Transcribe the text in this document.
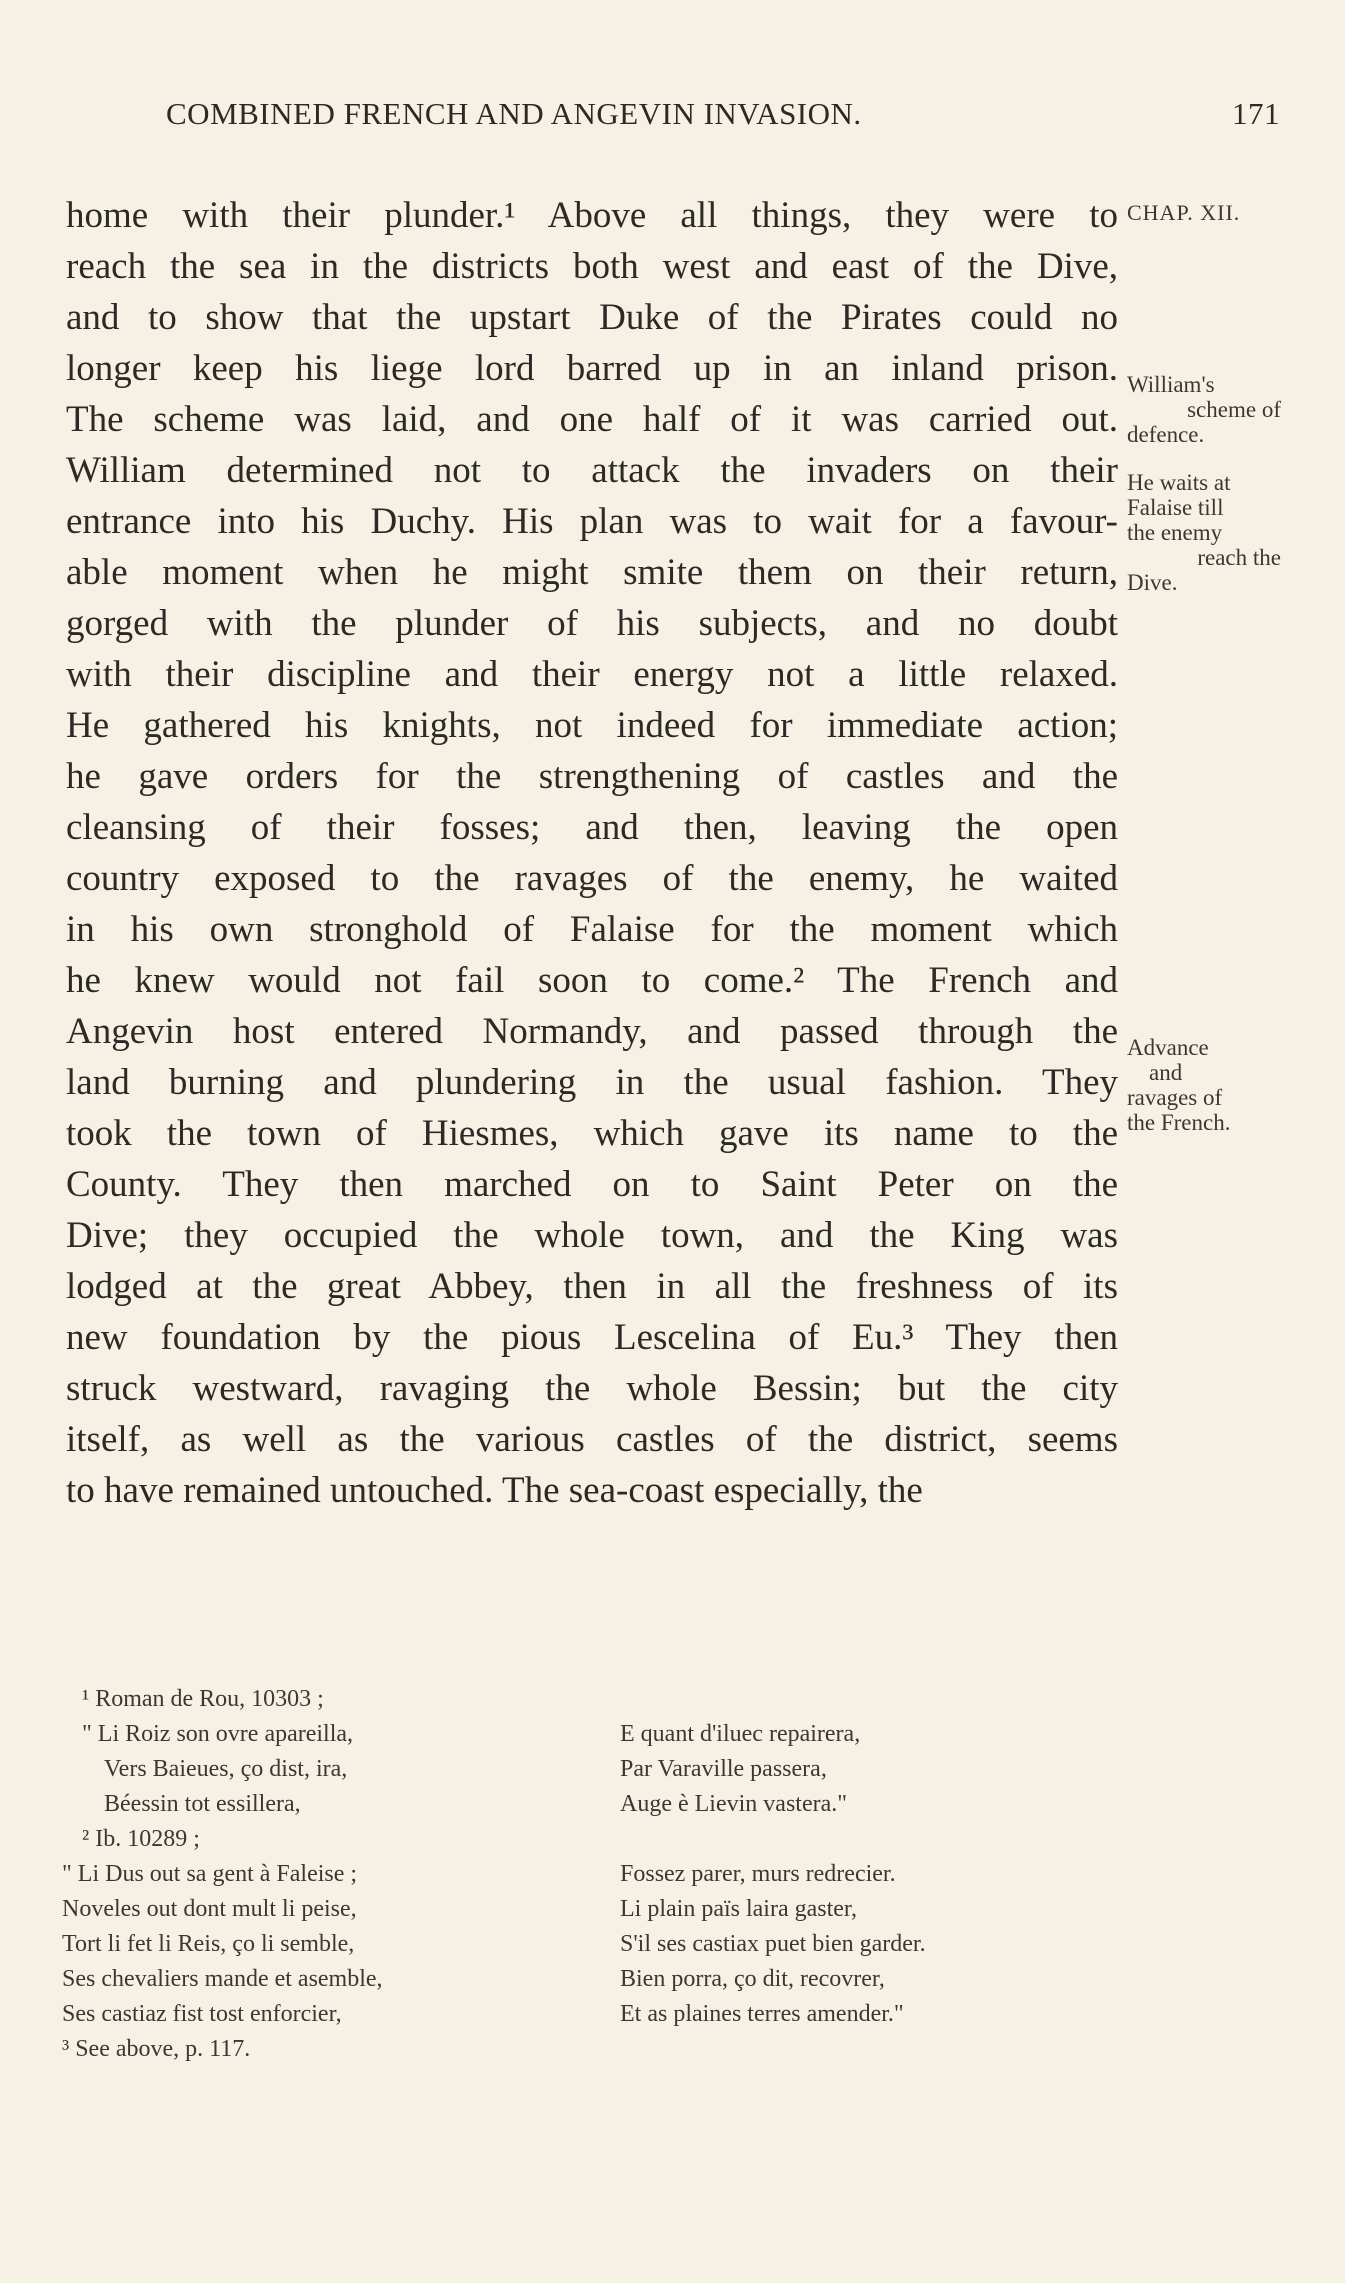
COMBINED FRENCH AND ANGEVIN INVASION.	171
home with their plunder.¹ Above all things, they were to
reach the sea in the districts both west and east of the Dive,
and to show that the upstart Duke of the Pirates could no
longer keep his liege lord barred up in an inland prison.
The scheme was laid, and one half of it was carried out.
William determined not to attack the invaders on their
entrance into his Duchy. His plan was to wait for a favour-
able moment when he might smite them on their return,
gorged with the plunder of his subjects, and no doubt
with their discipline and their energy not a little relaxed.
He gathered his knights, not indeed for immediate action;
he gave orders for the strengthening of castles and the
cleansing of their fosses; and then, leaving the open
country exposed to the ravages of the enemy, he waited
in his own stronghold of Falaise for the moment which
he knew would not fail soon to come.² The French and
Angevin host entered Normandy, and passed through the
land burning and plundering in the usual fashion. They
took the town of Hiesmes, which gave its name to the
County. They then marched on to Saint Peter on the
Dive; they occupied the whole town, and the King was
lodged at the great Abbey, then in all the freshness of its
new foundation by the pious Lescelina of Eu.³ They then
struck westward, ravaging the whole Bessin; but the city
itself, as well as the various castles of the district, seems
to have remained untouched. The sea-coast especially, the
CHAP. XII.
William's
scheme of
defence.
He waits at
Falaise till
the enemy
reach the
Dive.
Advance
and
ravages of
the French.
¹ Roman de Rou, 10303 ;
" Li Roiz son ovre apareilla,	E quant d'iluec repairera,
Vers Baieues, ço dist, ira,	Par Varaville passera,
Béessin tot essillera,	Auge è Lievin vastera."
² Ib. 10289 ;
" Li Dus out sa gent à Faleise ;	Fossez parer, murs redrecier.
Noveles out dont mult li peise,	Li plain païs laira gaster,
Tort li fet li Reis, ço li semble,	S'il ses castiax puet bien garder.
Ses chevaliers mande et asemble,	Bien porra, ço dit, recovrer,
Ses castiaz fist tost enforcier,	Et as plaines terres amender."
³ See above, p. 117.
